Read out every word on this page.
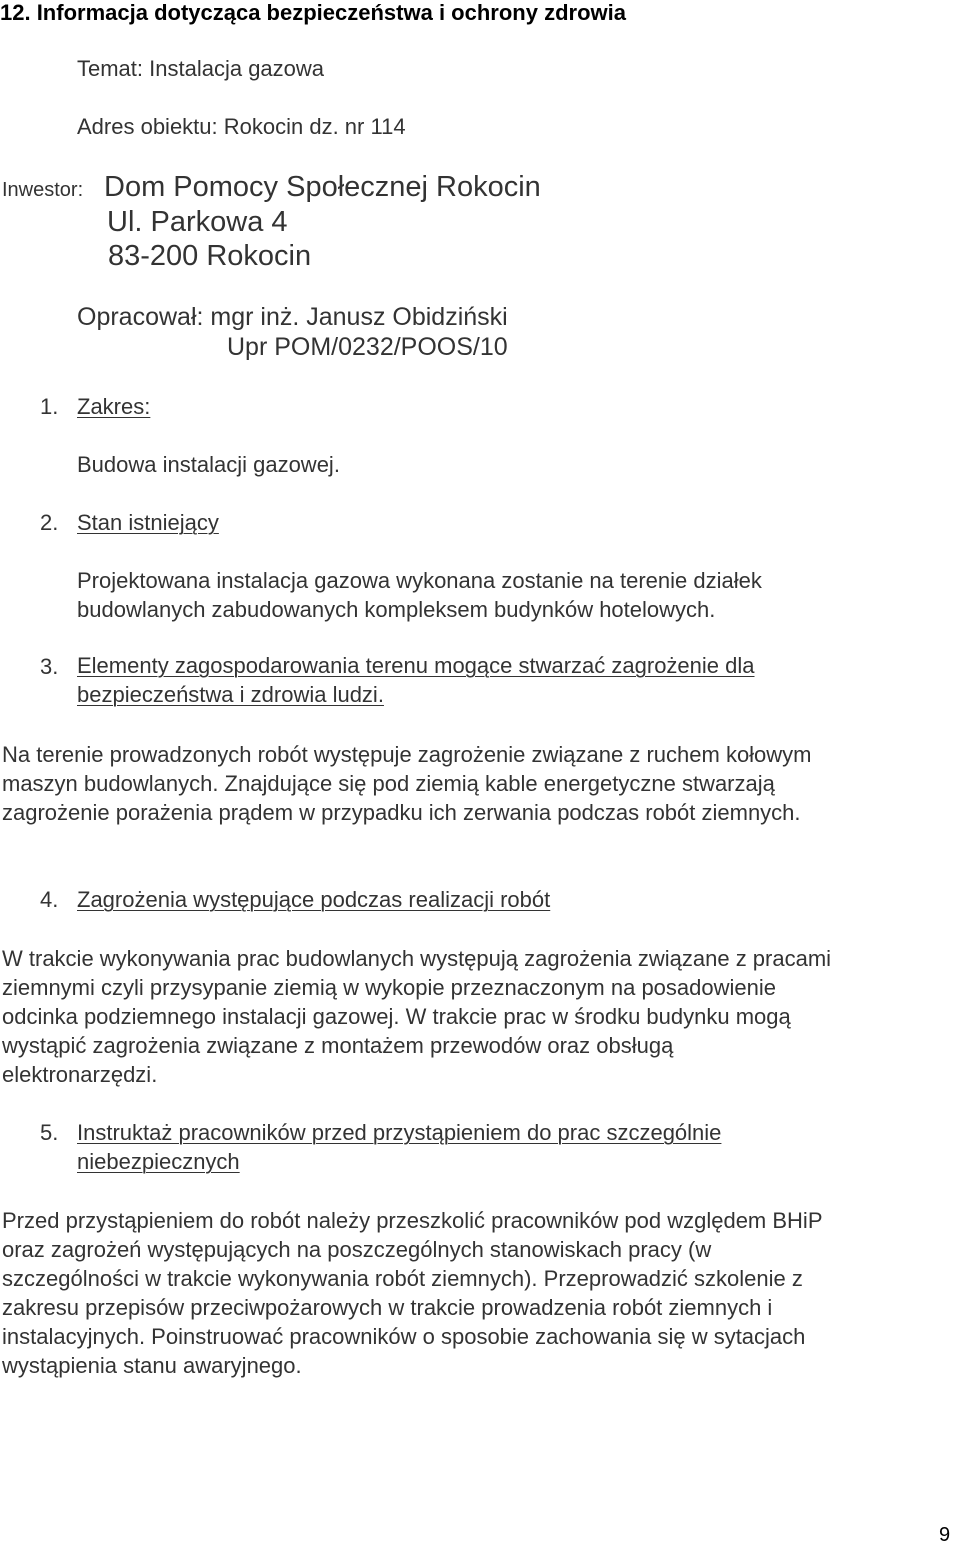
12. Informacja dotycząca bezpieczeństwa i ochrony zdrowia
Temat: Instalacja gazowa
Adres obiektu: Rokocin dz. nr 114
Inwestor: Dom Pomocy Społecznej Rokocin
Ul. Parkowa 4
83-200 Rokocin
Opracował: mgr inż. Janusz Obidziński
Upr POM/0232/POOS/10
1. Zakres:
Budowa instalacji gazowej.
2. Stan istniejący
Projektowana instalacja gazowa wykonana zostanie na terenie działek
budowlanych zabudowanych kompleksem budynków hotelowych.
3. Elementy zagospodarowania terenu mogące stwarzać zagrożenie dla
bezpieczeństwa i zdrowia ludzi.
Na terenie prowadzonych robót występuje zagrożenie związane z ruchem kołowym
maszyn budowlanych. Znajdujące się pod ziemią kable energetyczne stwarzają
zagrożenie porażenia prądem w przypadku ich zerwania podczas robót ziemnych.
4. Zagrożenia występujące podczas realizacji robót
W trakcie wykonywania prac budowlanych występują zagrożenia związane z pracami
ziemnymi czyli przysypanie ziemią w wykopie przeznaczonym na posadowienie
odcinka podziemnego instalacji gazowej. W trakcie prac w środku budynku mogą
wystąpić zagrożenia związane z montażem przewodów oraz obsługą
elektronarzędzi.
5. Instruktaż pracowników przed przystąpieniem do prac szczególnie
niebezpiecznych
Przed przystąpieniem do robót należy przeszkolić pracowników pod względem BHiP
oraz zagrożeń występujących na poszczególnych stanowiskach pracy (w
szczególności w trakcie wykonywania robót ziemnych). Przeprowadzić szkolenie z
zakresu przepisów przeciwpożarowych w trakcie prowadzenia robót ziemnych i
instalacyjnych. Poinstruować pracowników o sposobie zachowania się w sytacjach
wystąpienia stanu awaryjnego.
9
